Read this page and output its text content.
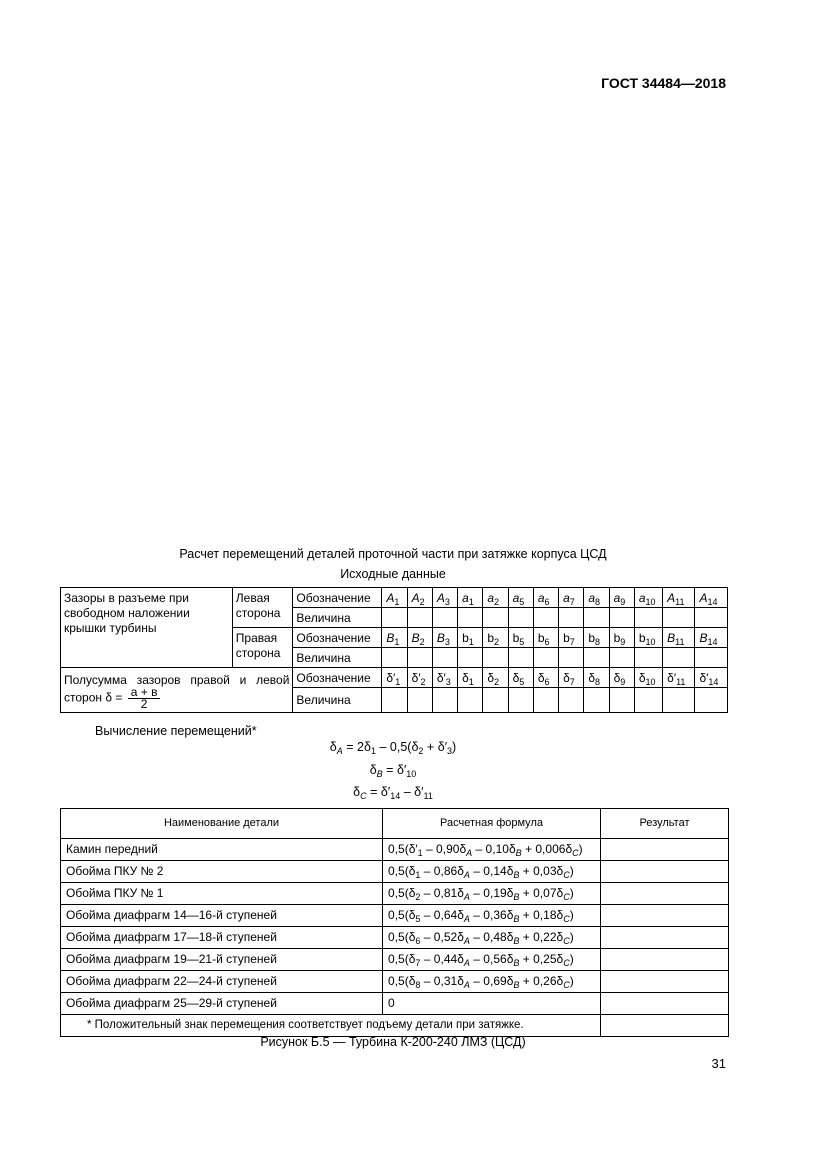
ГОСТ 34484—2018
Расчет перемещений деталей проточной части при затяжке корпуса ЦСД
Исходные данные
Зазоры в разъеме при свободном наложении крышки турбины	Левая сторона	Обозначение	$A_1$	$A_2$	$A_3$	$a_1$	$a_2$	$a_5$	$a_6$	$a_7$	$a_8$	$a_9$	$a_{10}$	$A_{11}$	$A_{14}$
		Величина													
	Правая сторона	Обозначение	$B_1$	$B_2$	$B_3$	$b_1$	$b_2$	$b_5$	$b_6$	$b_7$	$b_8$	$b_9$	$b_{10}$	$B_{11}$	$B_{14}$
		Величина													
Полусумма зазоров правой и левой сторон $\delta = \frac{а + в}{2}$		Обозначение	$\delta'_1$	$\delta'_2$	$\delta'_3$	$\delta_1$	$\delta_2$	$\delta_5$	$\delta_6$	$\delta_7$	$\delta_8$	$\delta_9$	$\delta_{10}$	$\delta'_{11}$	$\delta'_{14}$
		Величина													
Вычисление перемещений*
$\delta_A = 2\delta_1 - 0,5(\delta_2 + \delta'_3)$
$\delta_B = \delta'_{10}$
$\delta_C = \delta'_{14} - \delta'_{11}$
Наименование детали	Расчетная формула	Результат
Камин передний	$0,5(\delta'_1 - 0,90\delta_A - 0,10\delta_B + 0,006\delta_C)$	
Обойма ПКУ № 2	$0,5(\delta_1 - 0,86\delta_A - 0,14\delta_B + 0,03\delta_C)$	
Обойма ПКУ № 1	$0,5(\delta_2 - 0,81\delta_A - 0,19\delta_B + 0,07\delta_C)$	
Обойма диафрагм 14—16-й ступеней	$0,5(\delta_5 - 0,64\delta_A - 0,36\delta_B + 0,18\delta_C)$	
Обойма диафрагм 17—18-й ступеней	$0,5(\delta_6 - 0,52\delta_A - 0,48\delta_B + 0,22\delta_C)$	
Обойма диафрагм 19—21-й ступеней	$0,5(\delta_7 - 0,44\delta_A - 0,56\delta_B + 0,25\delta_C)$	
Обойма диафрагм 22—24-й ступеней	$0,5(\delta_8 - 0,31\delta_A - 0,69\delta_B + 0,26\delta_C)$	
Обойма диафрагм 25—29-й ступеней	0	
* Положительный знак перемещения соответствует подъему детали при затяжке.		
Рисунок Б.5 — Турбина К-200-240 ЛМЗ (ЦСД)
31
